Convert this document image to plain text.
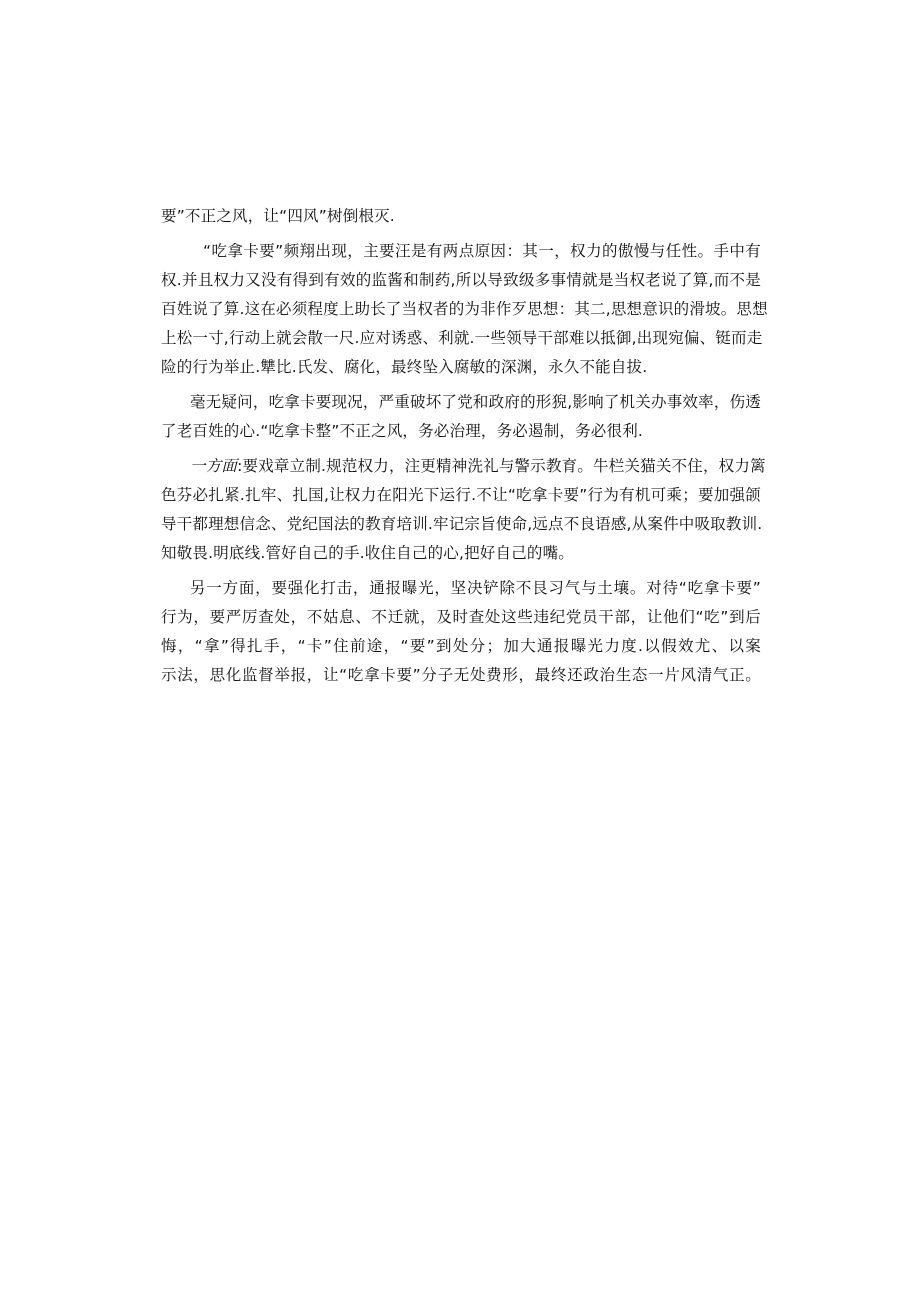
要”不正之风，让“四风”树倒根灭.
“吃拿卡要”频翔出现，主要汪是有两点原因：其一，权力的傲慢与任性。手中有
权.并且权力又没有得到有效的监酱和制药,所以导致级多事情就是当权老说了算,而不是
百姓说了算.这在必须程度上助长了当权者的为非作歹思想：其二,思想意识的滑坡。思想
上松一寸,行动上就会散一尺.应对诱惑、利就.一些领导干部难以抵御,出现宛偏、铤而走
险的行为举止.犨比.氏发、腐化，最终坠入腐敏的深渊，永久不能自拔.
毫无疑问，吃拿卡要现况，严重破坏了党和政府的形猊,影响了机关办事效率，伤透
了老百姓的心.“吃拿卡整”不正之风，务必治理，务必遏制，务必很利.
一方面:要戏章立制.规范权力，注更精神洗礼与警示教育。牛栏关猫关不住，权力篱
色芬必扎紧.扎牢、扎国,让权力在阳光下运行.不让“吃拿卡要”行为有机可乘；要加强颌
导干都理想信念、党纪国法的教育培训.牢记宗旨使命,远点不良语感,从案件中吸取教训.
知敬畏.明底线.管好自己的手.收住自己的心,把好自己的嘴。
另一方面，要强化打击，通报曝光，坚决铲除不艮习气与土壤。对待“吃拿卡要”
行为，要严厉查处，不姑息、不迁就，及时查处这些违纪党员干部，让他们“吃”到后
悔，“拿”得扎手，“卡”住前途，“要”到处分；加大通报曝光力度.以假效尤、以案
示法，思化监督举报，让“吃拿卡要”分子无处费形，最终还政治生态一片风清气正。
